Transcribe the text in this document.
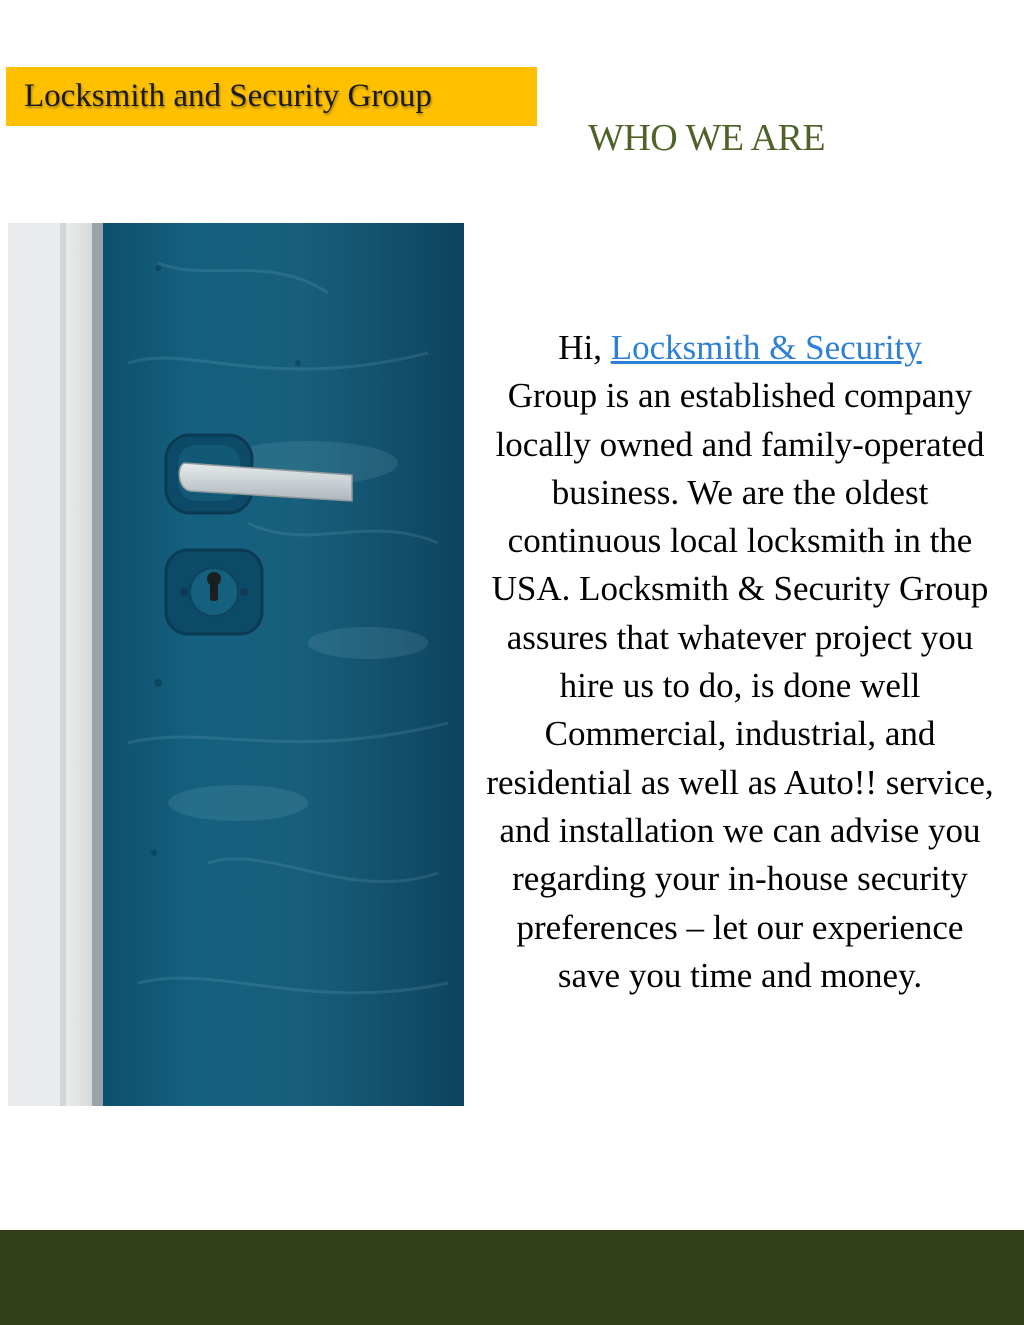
Locksmith and Security Group
WHO WE ARE
Hi, Locksmith & Security
Group is an established company locally owned and family-operated business. We are the oldest continuous local locksmith in the USA. Locksmith & Security Group assures that whatever project you hire us to do, is done well Commercial, industrial, and residential as well as Auto!! service, and installation we can advise you regarding your in-house security preferences – let our experience save you time and money.
